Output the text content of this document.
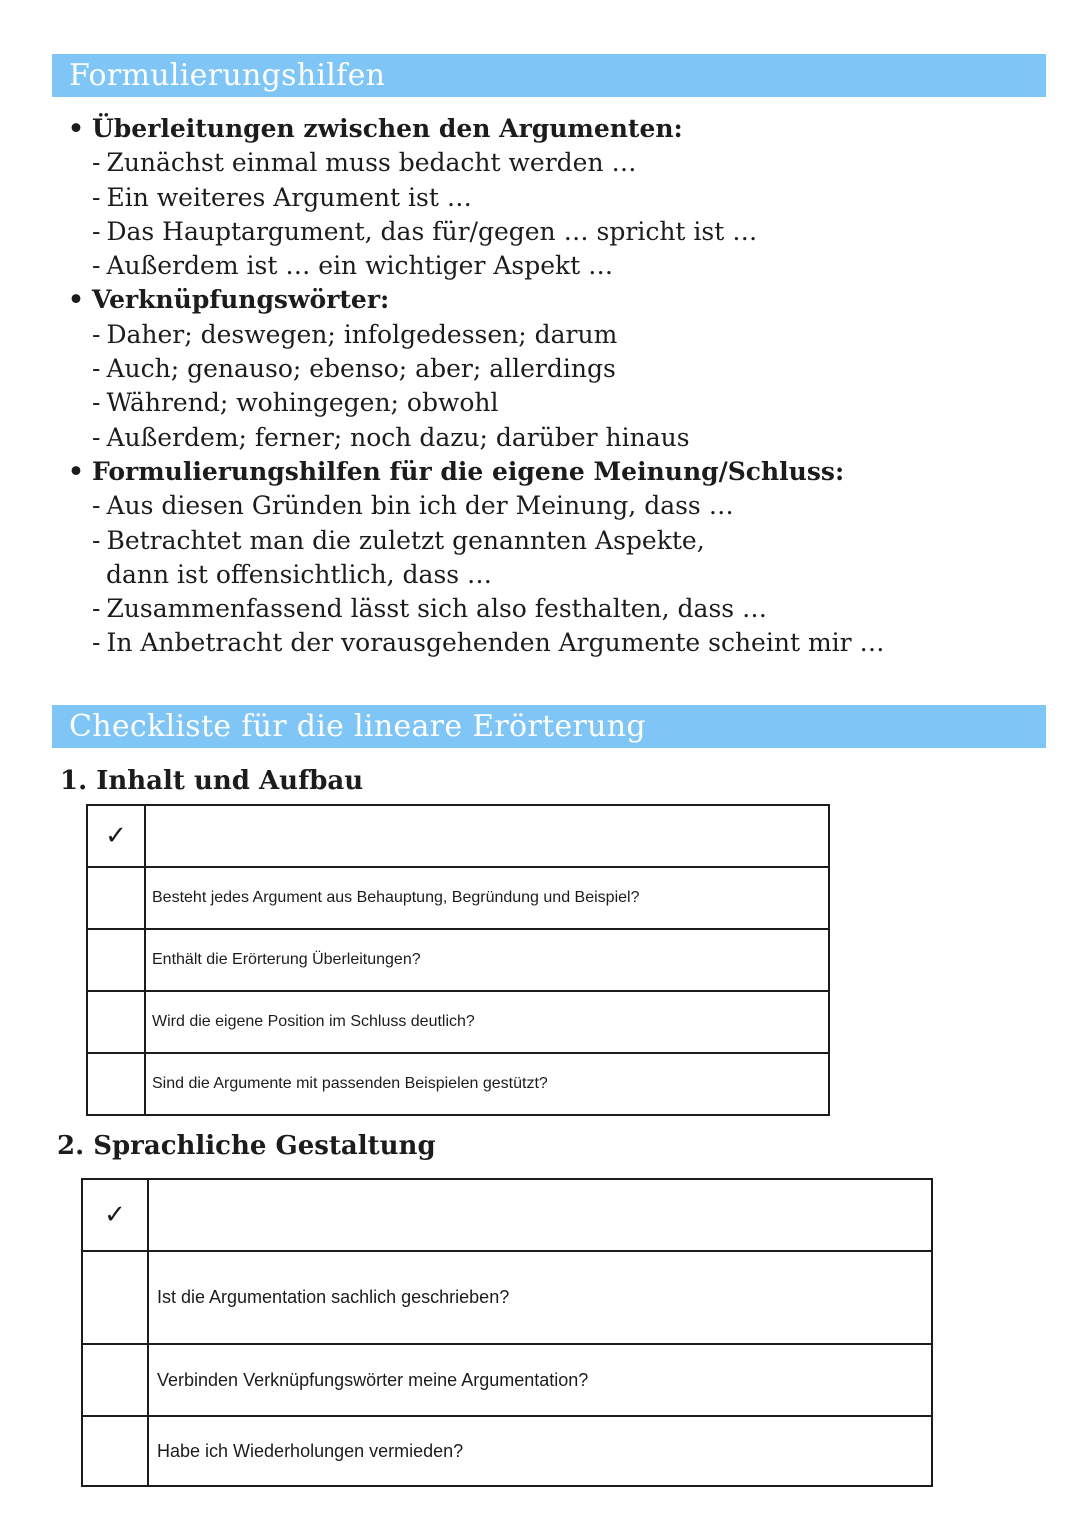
Formulierungshilfen
• Überleitungen zwischen den Argumenten:
- Zunächst einmal muss bedacht werden …
- Ein weiteres Argument ist …
- Das Hauptargument, das für/gegen … spricht ist …
- Außerdem ist … ein wichtiger Aspekt …
• Verknüpfungswörter:
- Daher; deswegen; infolgedessen; darum
- Auch; genauso; ebenso; aber; allerdings
- Während; wohingegen; obwohl
- Außerdem; ferner; noch dazu; darüber hinaus
• Formulierungshilfen für die eigene Meinung/Schluss:
- Aus diesen Gründen bin ich der Meinung, dass …
- Betrachtet man die zuletzt genannten Aspekte,
dann ist offensichtlich, dass …
- Zusammenfassend lässt sich also festhalten, dass …
- In Anbetracht der vorausgehenden Argumente scheint mir …
Checkliste für die lineare Erörterung
1. Inhalt und Aufbau
✓	
	Besteht jedes Argument aus Behauptung, Begründung und Beispiel?
	Enthält die Erörterung Überleitungen?
	Wird die eigene Position im Schluss deutlich?
	Sind die Argumente mit passenden Beispielen gestützt?
2. Sprachliche Gestaltung
✓	
	Ist die Argumentation sachlich geschrieben?
	Verbinden Verknüpfungswörter meine Argumentation?
	Habe ich Wiederholungen vermieden?
